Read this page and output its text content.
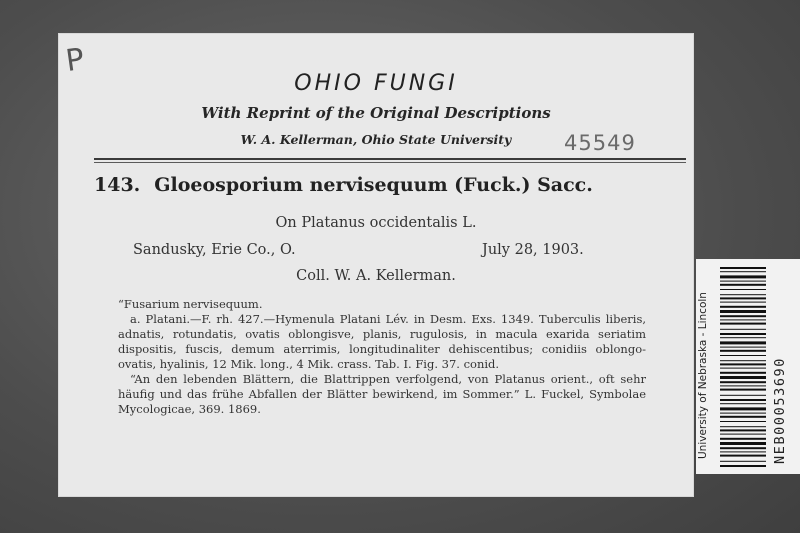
P
OHIO FUNGI
With Reprint of the Original Descriptions
W. A. Kellerman, Ohio State University	45549
143. Gloeosporium nervisequum (Fuck.) Sacc.
On Platanus occidentalis L.
Sandusky, Erie Co., O.	July 28, 1903.
Coll. W. A. Kellerman.

“Fusarium nervisequum.

a. Platani.—F. rh. 427.—Hymenula Platani Lév. in Desm. Exs. 1349. Tuberculis liberis, adnatis, rotundatis, ovatis oblongisve, planis, rugulosis, in macula exarida seriatim dispositis, fuscis, demum aterrimis, longitudinaliter dehiscentibus; conidiis oblongo-ovatis, hyalinis, 12 Mik. long., 4 Mik. crass. Tab. I. Fig. 37. conid.

“An den lebenden Blättern, die Blattrippen verfolgend, von Platanus orient., oft sehr häufig und das frühe Abfallen der Blätter bewirkend, im Sommer.” L. Fuckel, Symbolae Mycologicae, 369. 1869.	University of Nebraska - Lincoln	NEB00053690
